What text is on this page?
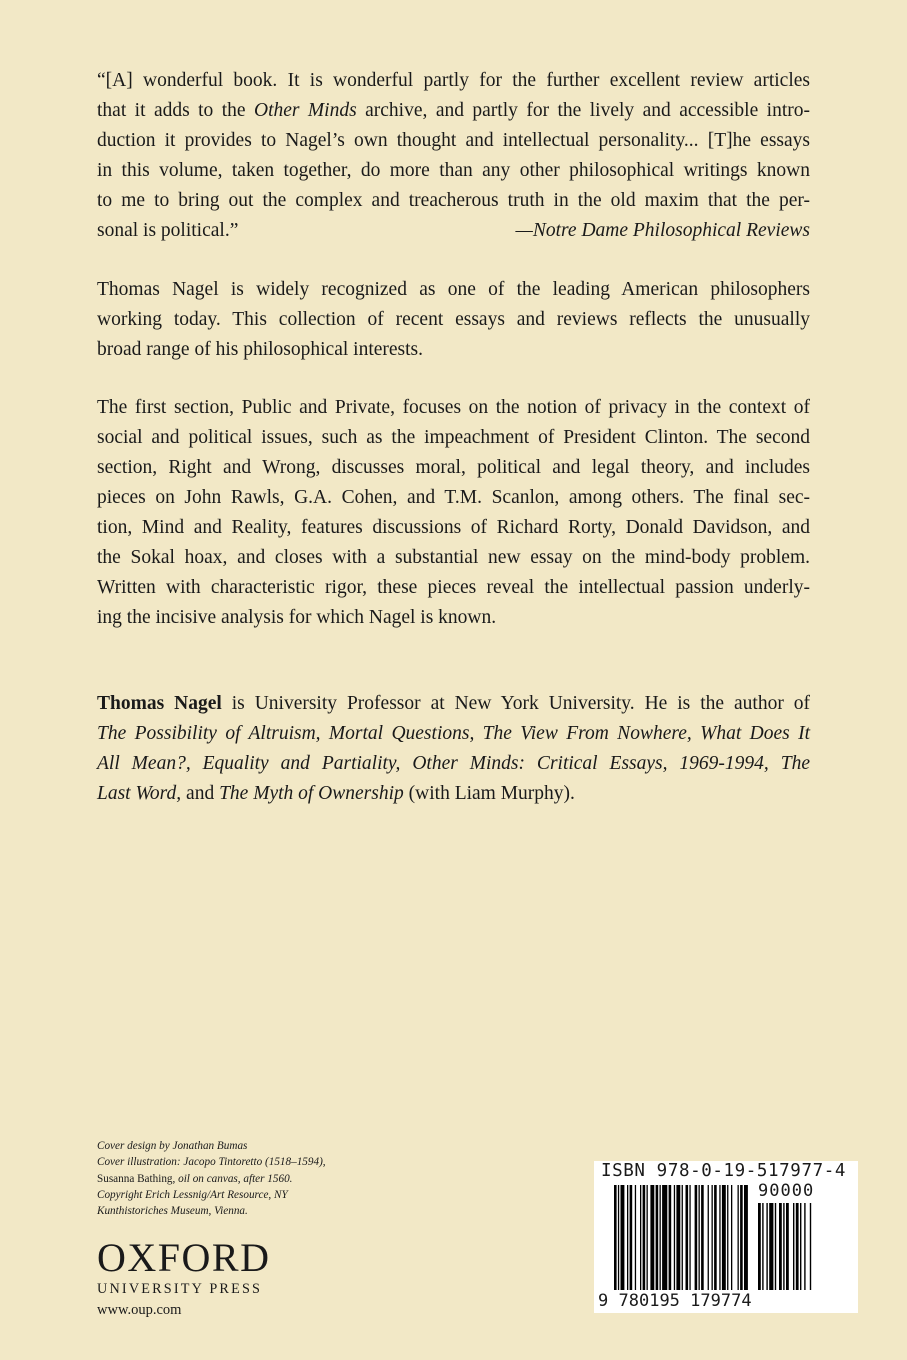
“[A] wonderful book. It is wonderful partly for the further excellent review articles
that it adds to the Other Minds archive, and partly for the lively and accessible intro-
duction it provides to Nagel’s own thought and intellectual personality... [T]he essays
in this volume, taken together, do more than any other philosophical writings known
to me to bring out the complex and treacherous truth in the old maxim that the per-
sonal is political.”	—Notre Dame Philosophical Reviews
Thomas Nagel is widely recognized as one of the leading American philosophers
working today. This collection of recent essays and reviews reflects the unusually
broad range of his philosophical interests.
The first section, Public and Private, focuses on the notion of privacy in the context of
social and political issues, such as the impeachment of President Clinton. The second
section, Right and Wrong, discusses moral, political and legal theory, and includes
pieces on John Rawls, G.A. Cohen, and T.M. Scanlon, among others. The final sec-
tion, Mind and Reality, features discussions of Richard Rorty, Donald Davidson, and
the Sokal hoax, and closes with a substantial new essay on the mind-body problem.
Written with characteristic rigor, these pieces reveal the intellectual passion underly-
ing the incisive analysis for which Nagel is known.
Thomas Nagel is University Professor at New York University. He is the author of
The Possibility of Altruism, Mortal Questions, The View From Nowhere, What Does It
All Mean?, Equality and Partiality, Other Minds: Critical Essays, 1969-1994, The
Last Word, and The Myth of Ownership (with Liam Murphy).
Cover design by Jonathan Bumas
Cover illustration: Jacopo Tintoretto (1518–1594),
Susanna Bathing, oil on canvas, after 1560.
Copyright Erich Lessnig/Art Resource, NY
Kunthistoriches Museum, Vienna.
OXFORD
UNIVERSITY PRESS
www.oup.com
ISBN 978-0-19-517977-4
90000
9 780195 179774
